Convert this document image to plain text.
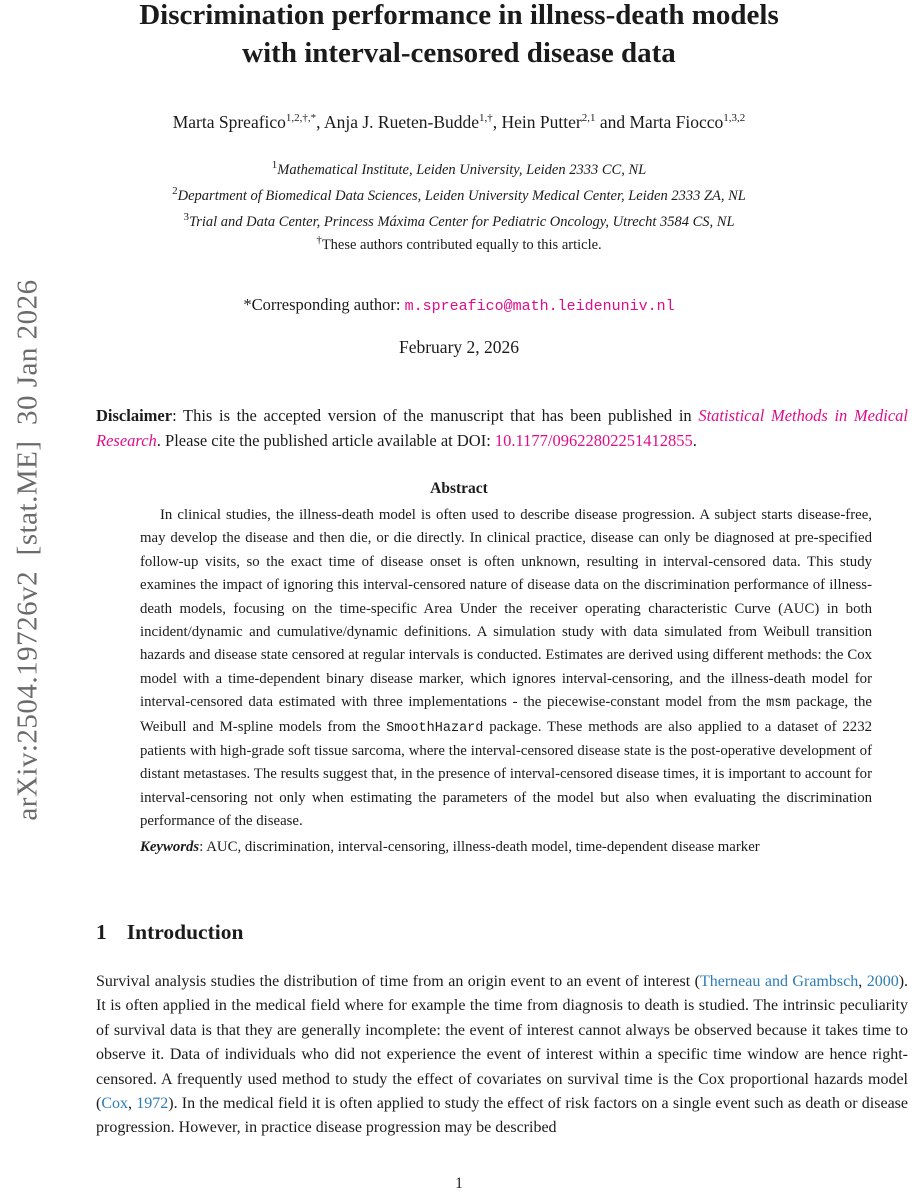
arXiv:2504.19726v2  [stat.ME]  30 Jan 2026
Discrimination performance in illness-death models
with interval-censored disease data
Marta Spreafico$^{1,2,\dagger,*}$, Anja J. Rueten-Budde$^{1,\dagger}$, Hein Putter$^{2,1}$ and Marta Fiocco$^{1,3,2}$
$^1$Mathematical Institute, Leiden University, Leiden 2333 CC, NL
$^2$Department of Biomedical Data Sciences, Leiden University Medical Center, Leiden 2333 ZA, NL
$^3$Trial and Data Center, Princess Máxima Center for Pediatric Oncology, Utrecht 3584 CS, NL
†These authors contributed equally to this article.
*Corresponding author: m.spreafico@math.leidenuniv.nl
February 2, 2026
Disclaimer: This is the accepted version of the manuscript that has been published in Statistical Methods in Medical Research. Please cite the published article available at DOI: 10.1177/09622802251412855.
Abstract
In clinical studies, the illness-death model is often used to describe disease progression. A subject starts disease-free, may develop the disease and then die, or die directly. In clinical practice, disease can only be diagnosed at pre-specified follow-up visits, so the exact time of disease onset is often unknown, resulting in interval-censored data. This study examines the impact of ignoring this interval-censored nature of disease data on the discrimination performance of illness-death models, focusing on the time-specific Area Under the receiver operating characteristic Curve (AUC) in both incident/dynamic and cumulative/dynamic definitions. A simulation study with data simulated from Weibull transition hazards and disease state censored at regular intervals is conducted. Estimates are derived using different methods: the Cox model with a time-dependent binary disease marker, which ignores interval-censoring, and the illness-death model for interval-censored data estimated with three implementations - the piecewise-constant model from the msm package, the Weibull and M-spline models from the SmoothHazard package. These methods are also applied to a dataset of 2232 patients with high-grade soft tissue sarcoma, where the interval-censored disease state is the post-operative development of distant metastases. The results suggest that, in the presence of interval-censored disease times, it is important to account for interval-censoring not only when estimating the parameters of the model but also when evaluating the discrimination performance of the disease.
Keywords: AUC, discrimination, interval-censoring, illness-death model, time-dependent disease marker
1 Introduction
Survival analysis studies the distribution of time from an origin event to an event of interest (Therneau and Grambsch, 2000). It is often applied in the medical field where for example the time from diagnosis to death is studied. The intrinsic peculiarity of survival data is that they are generally incomplete: the event of interest cannot always be observed because it takes time to observe it. Data of individuals who did not experience the event of interest within a specific time window are hence right-censored. A frequently used method to study the effect of covariates on survival time is the Cox proportional hazards model (Cox, 1972). In the medical field it is often applied to study the effect of risk factors on a single event such as death or disease progression. However, in practice disease progression may be described
1
